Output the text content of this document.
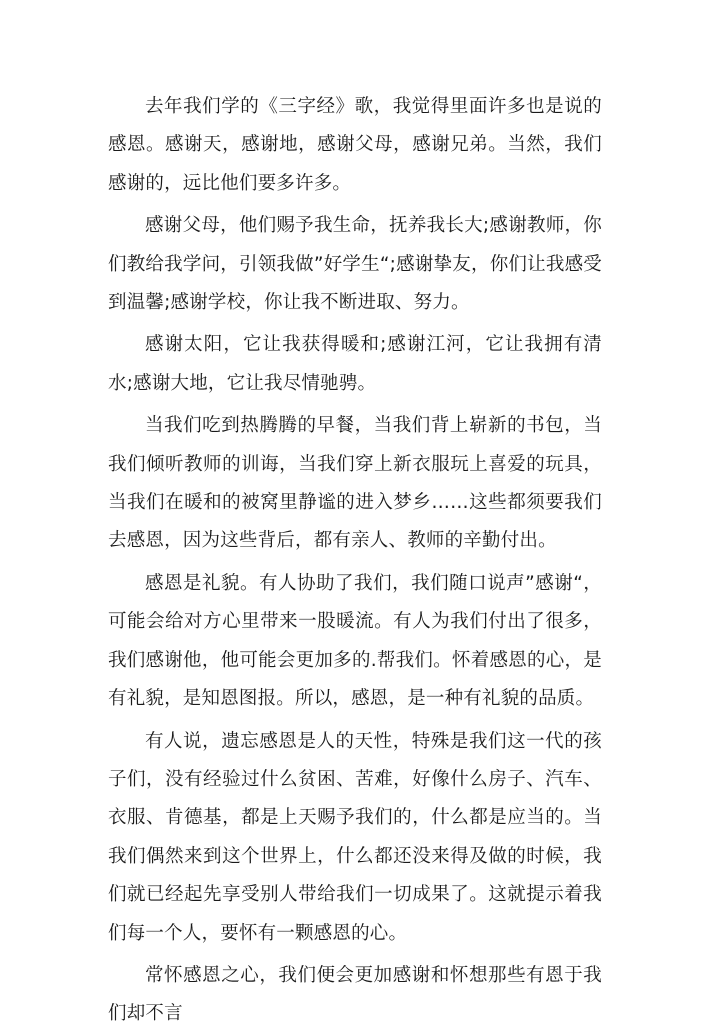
去年我们学的《三字经》歌，我觉得里面许多也是说的感恩。感谢天，感谢地，感谢父母，感谢兄弟。当然，我们感谢的，远比他们要多许多。

感谢父母，他们赐予我生命，抚养我长大;感谢教师，你们教给我学问，引领我做”好学生“;感谢挚友，你们让我感受到温馨;感谢学校，你让我不断进取、努力。

感谢太阳，它让我获得暖和;感谢江河，它让我拥有清水;感谢大地，它让我尽情驰骋。

当我们吃到热腾腾的早餐，当我们背上崭新的书包，当我们倾听教师的训诲，当我们穿上新衣服玩上喜爱的玩具，当我们在暖和的被窝里静谧的进入梦乡……这些都须要我们去感恩，因为这些背后，都有亲人、教师的辛勤付出。

感恩是礼貌。有人协助了我们，我们随口说声”感谢“，可能会给对方心里带来一股暖流。有人为我们付出了很多，我们感谢他，他可能会更加多的.帮我们。怀着感恩的心，是有礼貌，是知恩图报。所以，感恩，是一种有礼貌的品质。

有人说，遗忘感恩是人的天性，特殊是我们这一代的孩子们，没有经验过什么贫困、苦难，好像什么房子、汽车、衣服、肯德基，都是上天赐予我们的，什么都是应当的。当我们偶然来到这个世界上，什么都还没来得及做的时候，我们就已经起先享受别人带给我们一切成果了。这就提示着我们每一个人，要怀有一颗感恩的心。

常怀感恩之心，我们便会更加感谢和怀想那些有恩于我们却不言
